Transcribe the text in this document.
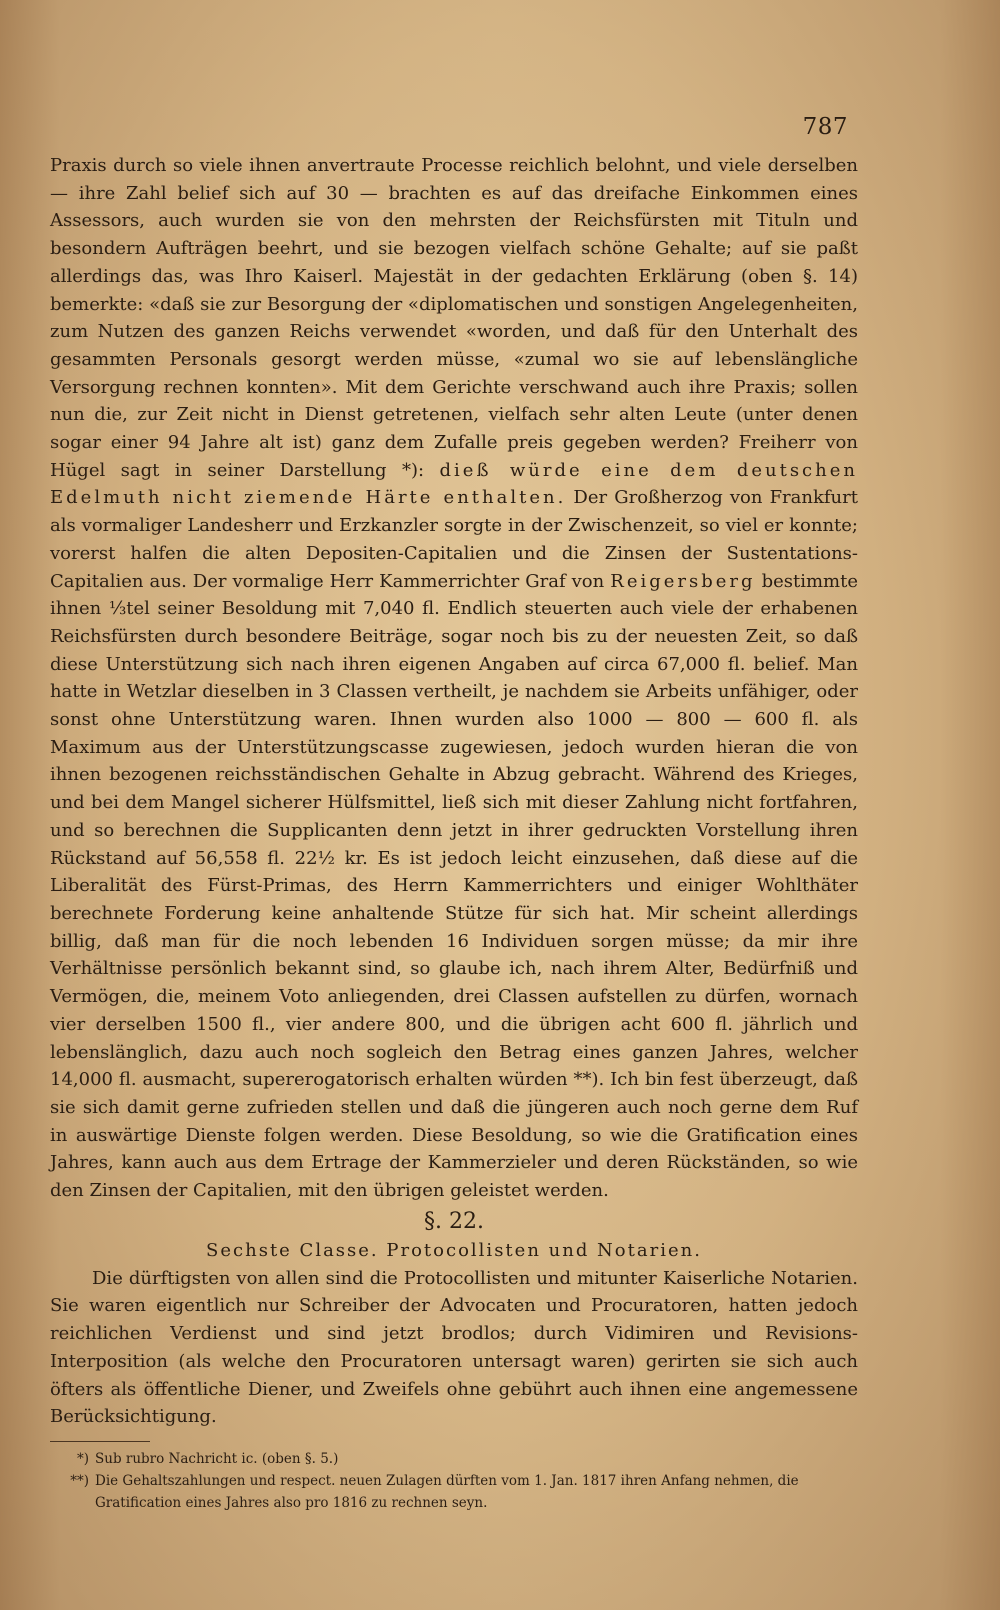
787

Praxis durch so viele ihnen anvertraute Processe reichlich belohnt, und viele derselben — ihre Zahl belief sich auf 30 — brachten es auf das dreifache Einkommen eines Assessors, auch wurden sie von den mehrsten der Reichsfürsten mit Tituln und besondern Aufträgen beehrt, und sie bezogen vielfach schöne Gehalte; auf sie paßt allerdings das, was Ihro Kaiserl. Majestät in der gedachten Erklärung (oben §. 14) bemerkte: «daß sie zur Besorgung der «diplomatischen und sonstigen Angelegenheiten, zum Nutzen des ganzen Reichs verwendet «worden, und daß für den Unterhalt des gesammten Personals gesorgt werden müsse, «zumal wo sie auf lebenslängliche Versorgung rechnen konnten». Mit dem Gerichte verschwand auch ihre Praxis; sollen nun die, zur Zeit nicht in Dienst getretenen, vielfach sehr alten Leute (unter denen sogar einer 94 Jahre alt ist) ganz dem Zufalle preis gegeben werden? Freiherr von Hügel sagt in seiner Darstellung *): dieß würde eine dem deutschen Edelmuth nicht ziemende Härte enthalten. Der Großherzog von Frankfurt als vormaliger Landesherr und Erzkanzler sorgte in der Zwischenzeit, so viel er konnte; vorerst halfen die alten Depositen-Capitalien und die Zinsen der Sustentations-Capitalien aus. Der vormalige Herr Kammerrichter Graf von Reigersberg bestimmte ihnen ⅓tel seiner Besoldung mit 7,040 fl. Endlich steuerten auch viele der erhabenen Reichsfürsten durch besondere Beiträge, sogar noch bis zu der neuesten Zeit, so daß diese Unterstützung sich nach ihren eigenen Angaben auf circa 67,000 fl. belief. Man hatte in Wetzlar dieselben in 3 Classen vertheilt, je nachdem sie Arbeits unfähiger, oder sonst ohne Unterstützung waren. Ihnen wurden also 1000 — 800 — 600 fl. als Maximum aus der Unterstützungscasse zugewiesen, jedoch wurden hieran die von ihnen bezogenen reichsständischen Gehalte in Abzug gebracht. Während des Krieges, und bei dem Mangel sicherer Hülfsmittel, ließ sich mit dieser Zahlung nicht fortfahren, und so berechnen die Supplicanten denn jetzt in ihrer gedruckten Vorstellung ihren Rückstand auf 56,558 fl. 22½ kr. Es ist jedoch leicht einzusehen, daß diese auf die Liberalität des Fürst-Primas, des Herrn Kammerrichters und einiger Wohlthäter berechnete Forderung keine anhaltende Stütze für sich hat. Mir scheint allerdings billig, daß man für die noch lebenden 16 Individuen sorgen müsse; da mir ihre Verhältnisse persönlich bekannt sind, so glaube ich, nach ihrem Alter, Bedürfniß und Vermögen, die, meinem Voto anliegenden, drei Classen aufstellen zu dürfen, wornach vier derselben 1500 fl., vier andere 800, und die übrigen acht 600 fl. jährlich und lebenslänglich, dazu auch noch sogleich den Betrag eines ganzen Jahres, welcher 14,000 fl. ausmacht, supererogatorisch erhalten würden **). Ich bin fest überzeugt, daß sie sich damit gerne zufrieden stellen und daß die jüngeren auch noch gerne dem Ruf in auswärtige Dienste folgen werden. Diese Besoldung, so wie die Gratification eines Jahres, kann auch aus dem Ertrage der Kammerzieler und deren Rückständen, so wie den Zinsen der Capitalien, mit den übrigen geleistet werden.

§. 22.
Sechste Classe. Protocollisten und Notarien.

Die dürftigsten von allen sind die Protocollisten und mitunter Kaiserliche Notarien. Sie waren eigentlich nur Schreiber der Advocaten und Procuratoren, hatten jedoch reichlichen Verdienst und sind jetzt brodlos; durch Vidimiren und Revisions-Interposition (als welche den Procuratoren untersagt waren) gerirten sie sich auch öfters als öffentliche Diener, und Zweifels ohne gebührt auch ihnen eine angemessene Berücksichtigung.

*) Sub rubro Nachricht ic. (oben §. 5.)

**) Die Gehaltszahlungen und respect. neuen Zulagen dürften vom 1. Jan. 1817 ihren Anfang nehmen, die

Gratification eines Jahres also pro 1816 zu rechnen seyn.
